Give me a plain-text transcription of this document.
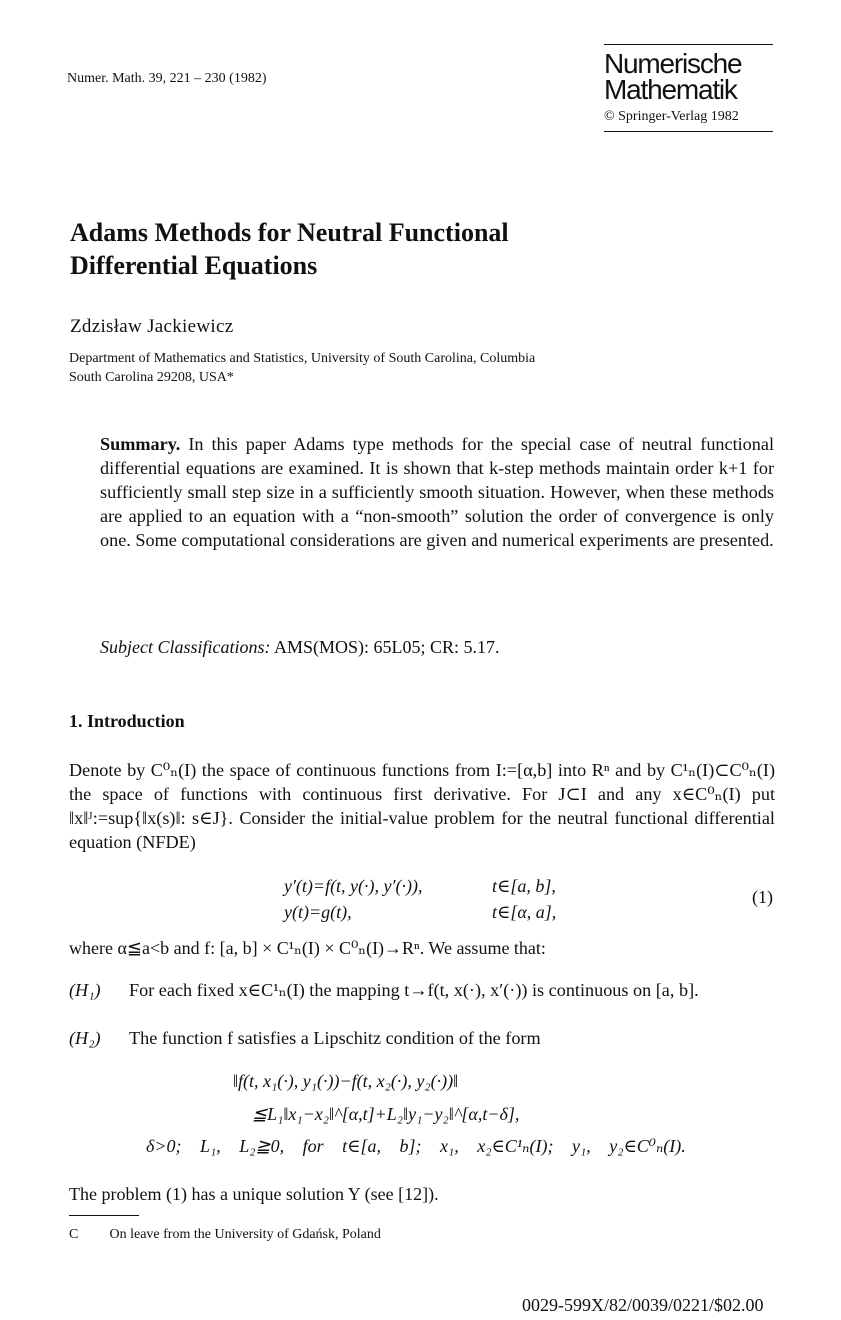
Numer. Math. 39, 221 – 230 (1982)	Numerische
Mathematik
© Springer-Verlag 1982
Adams Methods for Neutral Functional
Differential Equations
Zdzisław Jackiewicz
Department of Mathematics and Statistics, University of South Carolina, Columbia
South Carolina 29208, USA*
Summary. In this paper Adams type methods for the special case of neutral functional differential equations are examined. It is shown that k-step methods maintain order k+1 for sufficiently small step size in a sufficiently smooth situation. However, when these methods are applied to an equation with a “non-smooth” solution the order of convergence is only one. Some computational considerations are given and numerical experiments are presented.
Subject Classifications: AMS(MOS): 65L05; CR: 5.17.
1. Introduction
Denote by C⁰ₙ(I) the space of continuous functions from I:=[α,b] into Rⁿ and by C¹ₙ(I)⊂C⁰ₙ(I) the space of functions with continuous first derivative. For J⊂I and any x∈C⁰ₙ(I) put ‖x‖ᴶ:=sup{‖x(s)‖: s∈J}. Consider the initial-value problem for the neutral functional differential equation (NFDE)
y′(t)=f(t, y(·), y′(·)),	t∈[a, b],
y(t)=g(t),	t∈[α, a],
(1)
where α≦a<b and f: [a, b] × C¹ₙ(I) × C⁰ₙ(I)→Rⁿ. We assume that:
(H₁) For each fixed x∈C¹ₙ(I) the mapping t→f(t, x(·), x′(·)) is continuous on [a, b].
(H₂) The function f satisfies a Lipschitz condition of the form
‖f(t, x₁(·), y₁(·))−f(t, x₂(·), y₂(·))‖
≦L₁‖x₁−x₂‖^[α,t]+L₂‖y₁−y₂‖^[α,t−δ],
δ>0; L₁, L₂≧0, for t∈[a, b]; x₁, x₂∈C¹ₙ(I); y₁, y₂∈C⁰ₙ(I).
The problem (1) has a unique solution Y (see [12]).
C On leave from the University of Gdańsk, Poland
0029-599X/82/0039/0221/$02.00
